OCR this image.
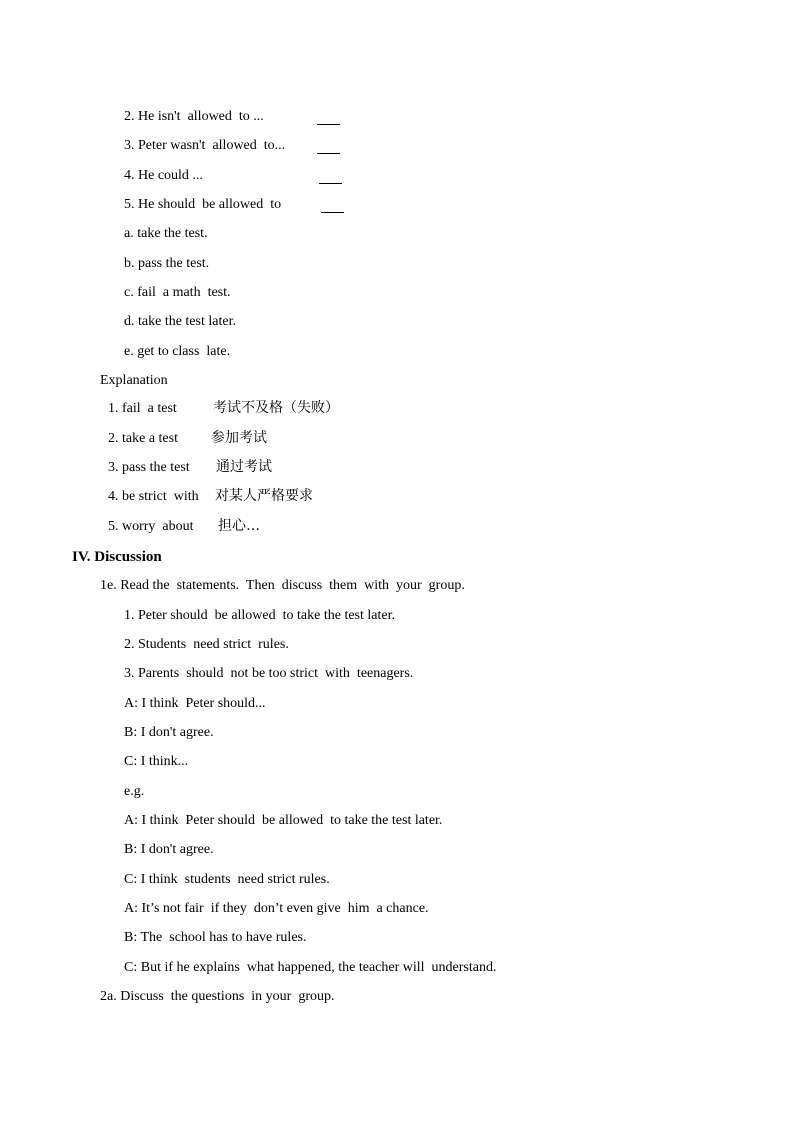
2. He isn't  allowed  to ...
3. Peter wasn't  allowed  to...
4. He could ...
5. He should  be allowed  to
a. take the test.
b. pass the test.
c. fail  a math  test.
d. take the test later.
e. get to class  late.
Explanation
1. fail  a test	考试不及格（失败）
2. take a test 参加考试
3. pass the test 通过考试
4. be strict  with 对某人严格要求
5. worry  about 担心…
IV. Discussion
1e. Read the  statements.  Then  discuss  them  with  your  group.
1. Peter should  be allowed  to take the test later.
2. Students  need strict  rules.
3. Parents  should  not be too strict  with  teenagers.
A: I think  Peter should...
B: I don't agree.
C: I think...
e.g.
A: I think  Peter should  be allowed  to take the test later.
B: I don't agree.
C: I think  students  need strict rules.
A: It’s not fair  if they  don’t even give  him  a chance.
B: The  school has to have rules.
C: But if he explains  what happened, the teacher will  understand.
2a. Discuss  the questions  in your  group.
